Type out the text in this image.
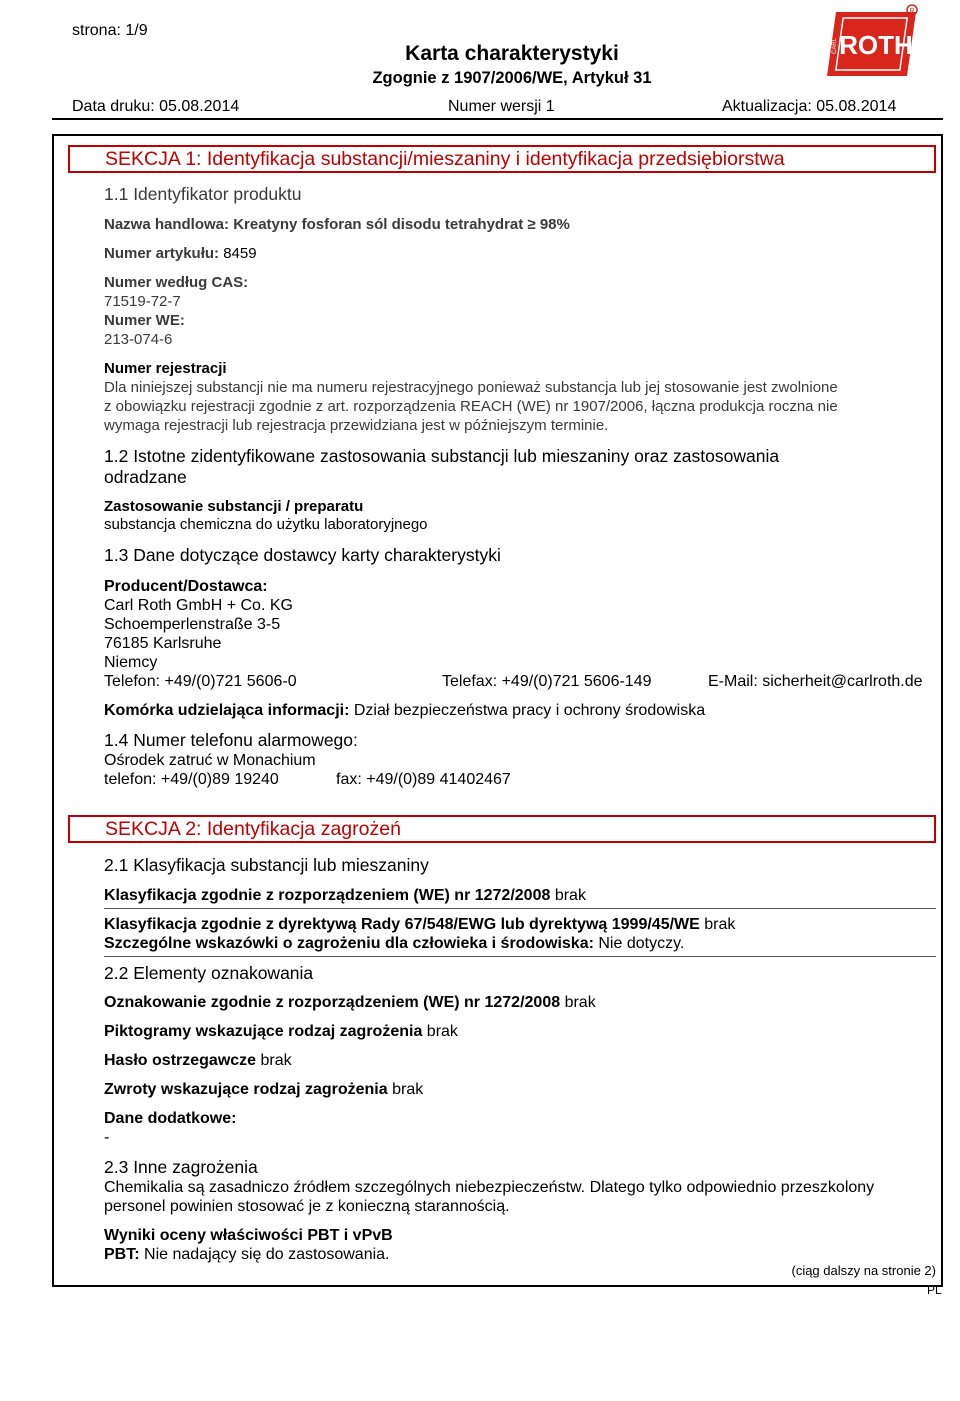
strona: 1/9
Karta charakterystyki
Zgognie z 1907/2006/WE, Artykuł 31
CARL ROTH
R
Data druku: 05.08.2014	Numer wersji 1	Aktualizacja: 05.08.2014
SEKCJA 1: Identyfikacja substancji/mieszaniny i identyfikacja przedsiębiorstwa
1.1 Identyfikator produktu
Nazwa handlowa: Kreatyny fosforan sól disodu tetrahydrat ≥ 98%
Numer artykułu: 8459
Numer według CAS:
71519-72-7
Numer WE:
213-074-6
Numer rejestracji
Dla niniejszej substancji nie ma numeru rejestracyjnego ponieważ substancja lub jej stosowanie jest zwolnione
z obowiązku rejestracji zgodnie z art. rozporządzenia REACH (WE) nr 1907/2006, łączna produkcja roczna nie
wymaga rejestracji lub rejestracja przewidziana jest w późniejszym terminie.
1.2 Istotne zidentyfikowane zastosowania substancji lub mieszaniny oraz zastosowania
odradzane
Zastosowanie substancji / preparatu
substancja chemiczna do użytku laboratoryjnego
1.3 Dane dotyczące dostawcy karty charakterystyki
Producent/Dostawca:
Carl Roth GmbH + Co. KG
Schoemperlenstraße 3-5
76185 Karlsruhe
Niemcy
Telefon: +49/(0)721 5606-0	Telefax: +49/(0)721 5606-149	E-Mail: sicherheit@carlroth.de
Komórka udzielająca informacji: Dział bezpieczeństwa pracy i ochrony środowiska
1.4 Numer telefonu alarmowego:
Ośrodek zatruć w Monachium
telefon: +49/(0)89 19240	fax: +49/(0)89 41402467
SEKCJA 2: Identyfikacja zagrożeń
2.1 Klasyfikacja substancji lub mieszaniny
Klasyfikacja zgodnie z rozporządzeniem (WE) nr 1272/2008 brak
Klasyfikacja zgodnie z dyrektywą Rady 67/548/EWG lub dyrektywą 1999/45/WE brak
Szczególne wskazówki o zagrożeniu dla człowieka i środowiska: Nie dotyczy.
2.2 Elementy oznakowania
Oznakowanie zgodnie z rozporządzeniem (WE) nr 1272/2008 brak
Piktogramy wskazujące rodzaj zagrożenia brak
Hasło ostrzegawcze brak
Zwroty wskazujące rodzaj zagrożenia brak
Dane dodatkowe:
-
2.3 Inne zagrożenia
Chemikalia są zasadniczo źródłem szczególnych niebezpieczeństw. Dlatego tylko odpowiednio przeszkolony
personel powinien stosować je z konieczną starannością.
Wyniki oceny właściwości PBT i vPvB
PBT: Nie nadający się do zastosowania.
(ciąg dalszy na stronie 2)
PL
